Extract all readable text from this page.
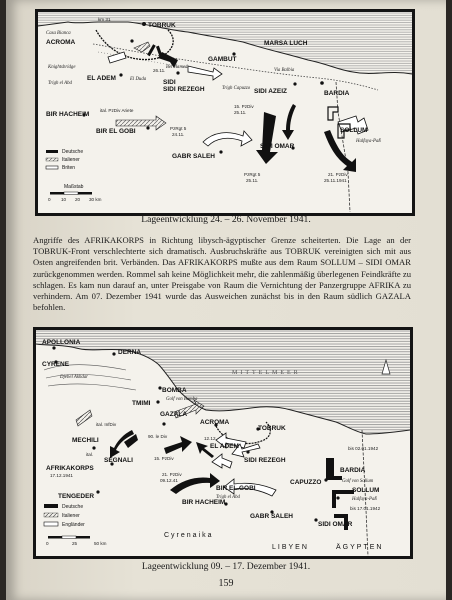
km 31
Casa Bianca
ACROMA
TOBRUK
MARSA LUCH
GAMBUT
EL ADEM	El Duda	SIDI
SIDI REZEGH
Bel Hamed
26.11.	Via Balbia
BARDIA
Trigh Capuzzo SIDI AZEIZ
Knightsbridge
Trigh el Abd
BIR HACHEIM
BIR EL GOBI
GABR SALEH
SIDI OMAR
SOLLUM
Halfaya-Paß
ital. PzDiv Ariete
15. PzDiv
25.11.
PzRgt 5
24.11.
PzRgt 5
25.11.
21. PzDiv
25.11.1941
Deutsche
Italiener
Briten
Maßstab
0 10 20 30 km
Lageentwicklung 24. – 26. November 1941.
Angriffe des AFRIKAKORPS in Richtung libysch-ägyptischer Grenze scheiterten. Die Lage an der TOBRUK-Front verschlechterte sich dramatisch. Ausbruchskräfte aus TOBRUK vereinigten sich mit aus Osten angreifenden brit. Verbänden. Das AFRIKAKORPS mußte aus dem Raum SOLLUM – SIDI OMAR zurückgenommen werden. Rommel sah keine Möglichkeit mehr, die zahlenmäßig überlegenen Feindkräfte zu schlagen. Es kam nun darauf an, unter Preisgabe von Raum die Vernichtung der Panzergruppe AFRIKA zu verhindern. Am 07. Dezember 1941 wurde das Ausweichen zunächst bis in den Raum südlich GAZALA befohlen.
APOLLONIA
DERNA
CYRENE
Djebel Akhdar
MITTELMEER
BOMBA
Golf von Bomba
TMIMI
GAZALA
ACROMA
TOBRUK
EL ADEM
MECHILI
SEGNALI
TENGEDER
SIDI REZEGH
BIR EL GOBI
Trigh el Abd
BIR HACHEIM
GABR SALEH
CAPUZZO
BARDIA
Golf von Sollum
SOLLUM
Halfaya-Paß
SIDI OMAR
Cyrenaika
LIBYEN	ÄGYPTEN
ital. InfDiv
ital.
AFRIKAKORPS
17.12.1941
90. le Div
15. PzDiv
12.12.
21. PzDiv
09.12.41
bis 02.01.1942
bis 17.01.1942
Deutsche
Italiener
Engländer
0	25	50 km
Lageentwicklung 09. – 17. Dezember 1941.
159
